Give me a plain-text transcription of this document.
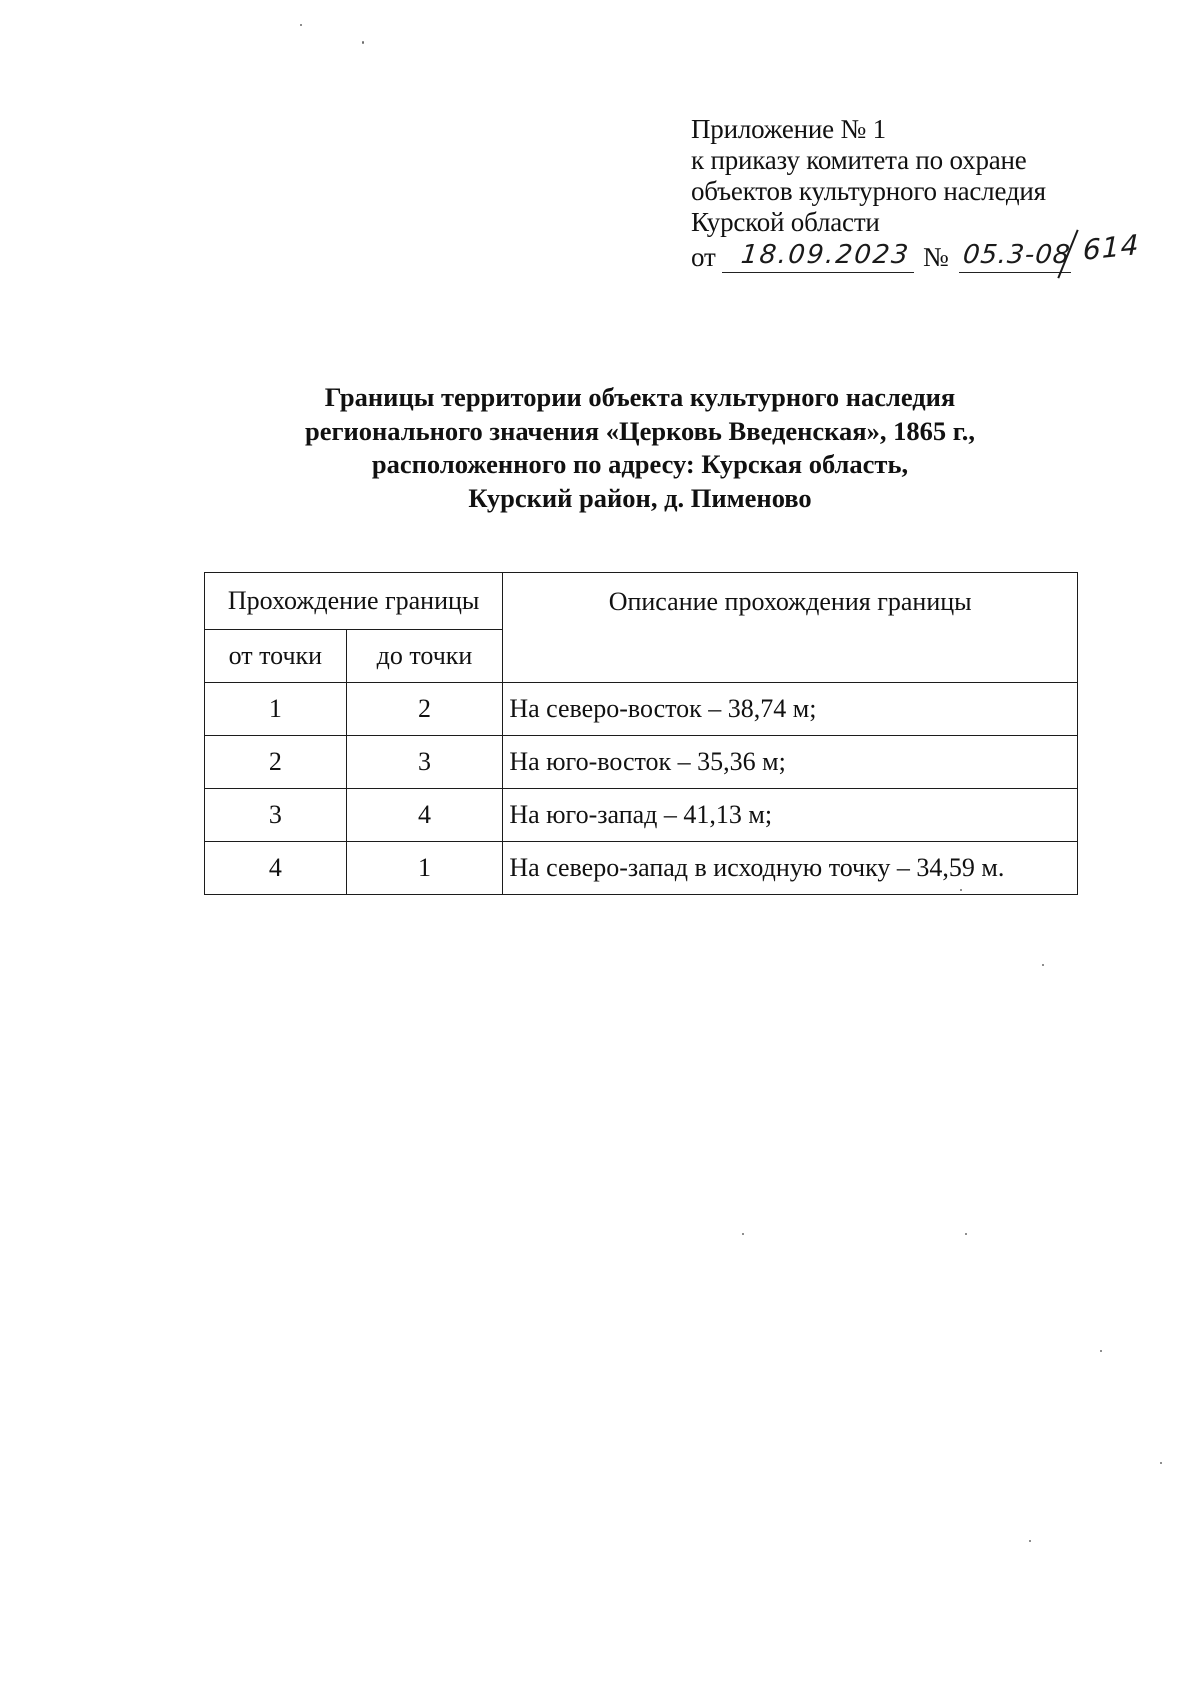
Приложение № 1
к приказу комитета по охране
объектов культурного наследия
Курской области
от 18.09.2023 № 05.3-08 614
Границы территории объекта культурного наследия
регионального значения «Церковь Введенская», 1865 г.,
расположенного по адресу: Курская область,
Курский район, д. Пименово
Прохождение границы		Описание прохождения границы
от точки	до точки	
1	2	На северо-восток – 38,74 м;
2	3	На юго-восток – 35,36 м;
3	4	На юго-запад – 41,13 м;
4	1	На северо-запад в исходную точку – 34,59 м.
